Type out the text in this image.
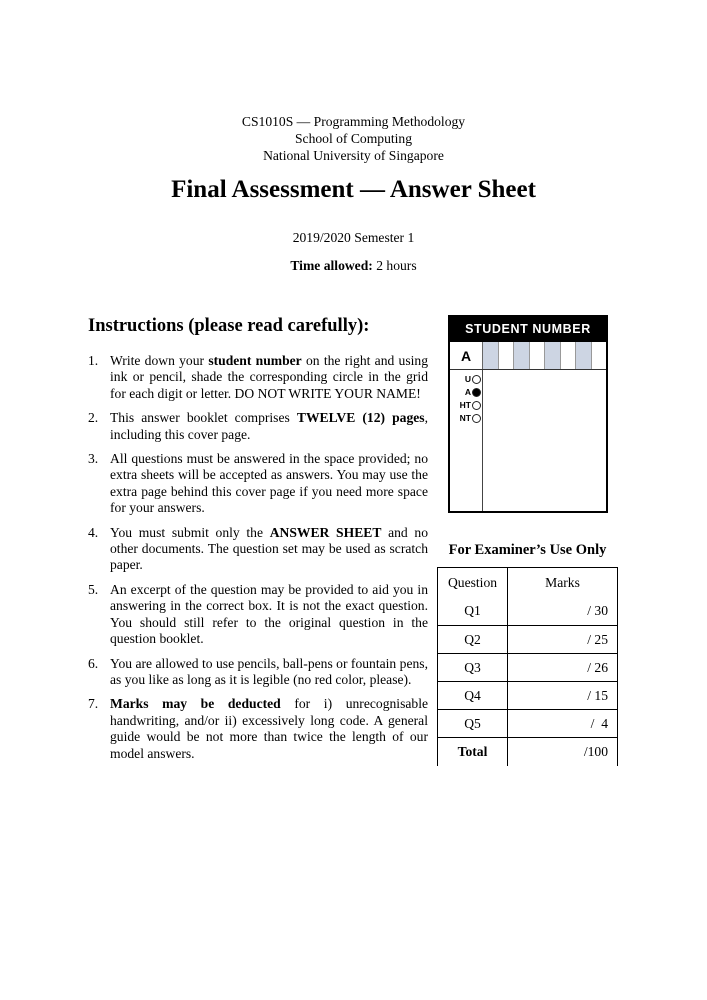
CS1010S — Programming Methodology
School of Computing
National University of Singapore
Final Assessment — Answer Sheet
2019/2020 Semester 1
Time allowed: 2 hours
Instructions (please read carefully):
1. Write down your student number on the right and using ink or pencil, shade the corresponding circle in the grid for each digit or letter. DO NOT WRITE YOUR NAME!
2. This answer booklet comprises TWELVE (12) pages, including this cover page.
3. All questions must be answered in the space provided; no extra sheets will be accepted as answers. You may use the extra page behind this cover page if you need more space for your answers.
4. You must submit only the ANSWER SHEET and no other documents. The question set may be used as scratch paper.
5. An excerpt of the question may be provided to aid you in answering in the correct box. It is not the exact question. You should still refer to the original question in the question booklet.
6. You are allowed to use pencils, ball-pens or fountain pens, as you like as long as it is legible (no red color, please).
7. Marks may be deducted for i) unrecognisable handwriting, and/or ii) excessively long code. A general guide would be not more than twice the length of our model answers.
STUDENT NUMBER
A
U
A
HT
NT
For Examiner’s Use Only
Question	Marks
Q1	/ 30
Q2	/ 25
Q3	/ 26
Q4	/ 15
Q5	/  4
Total	/100
